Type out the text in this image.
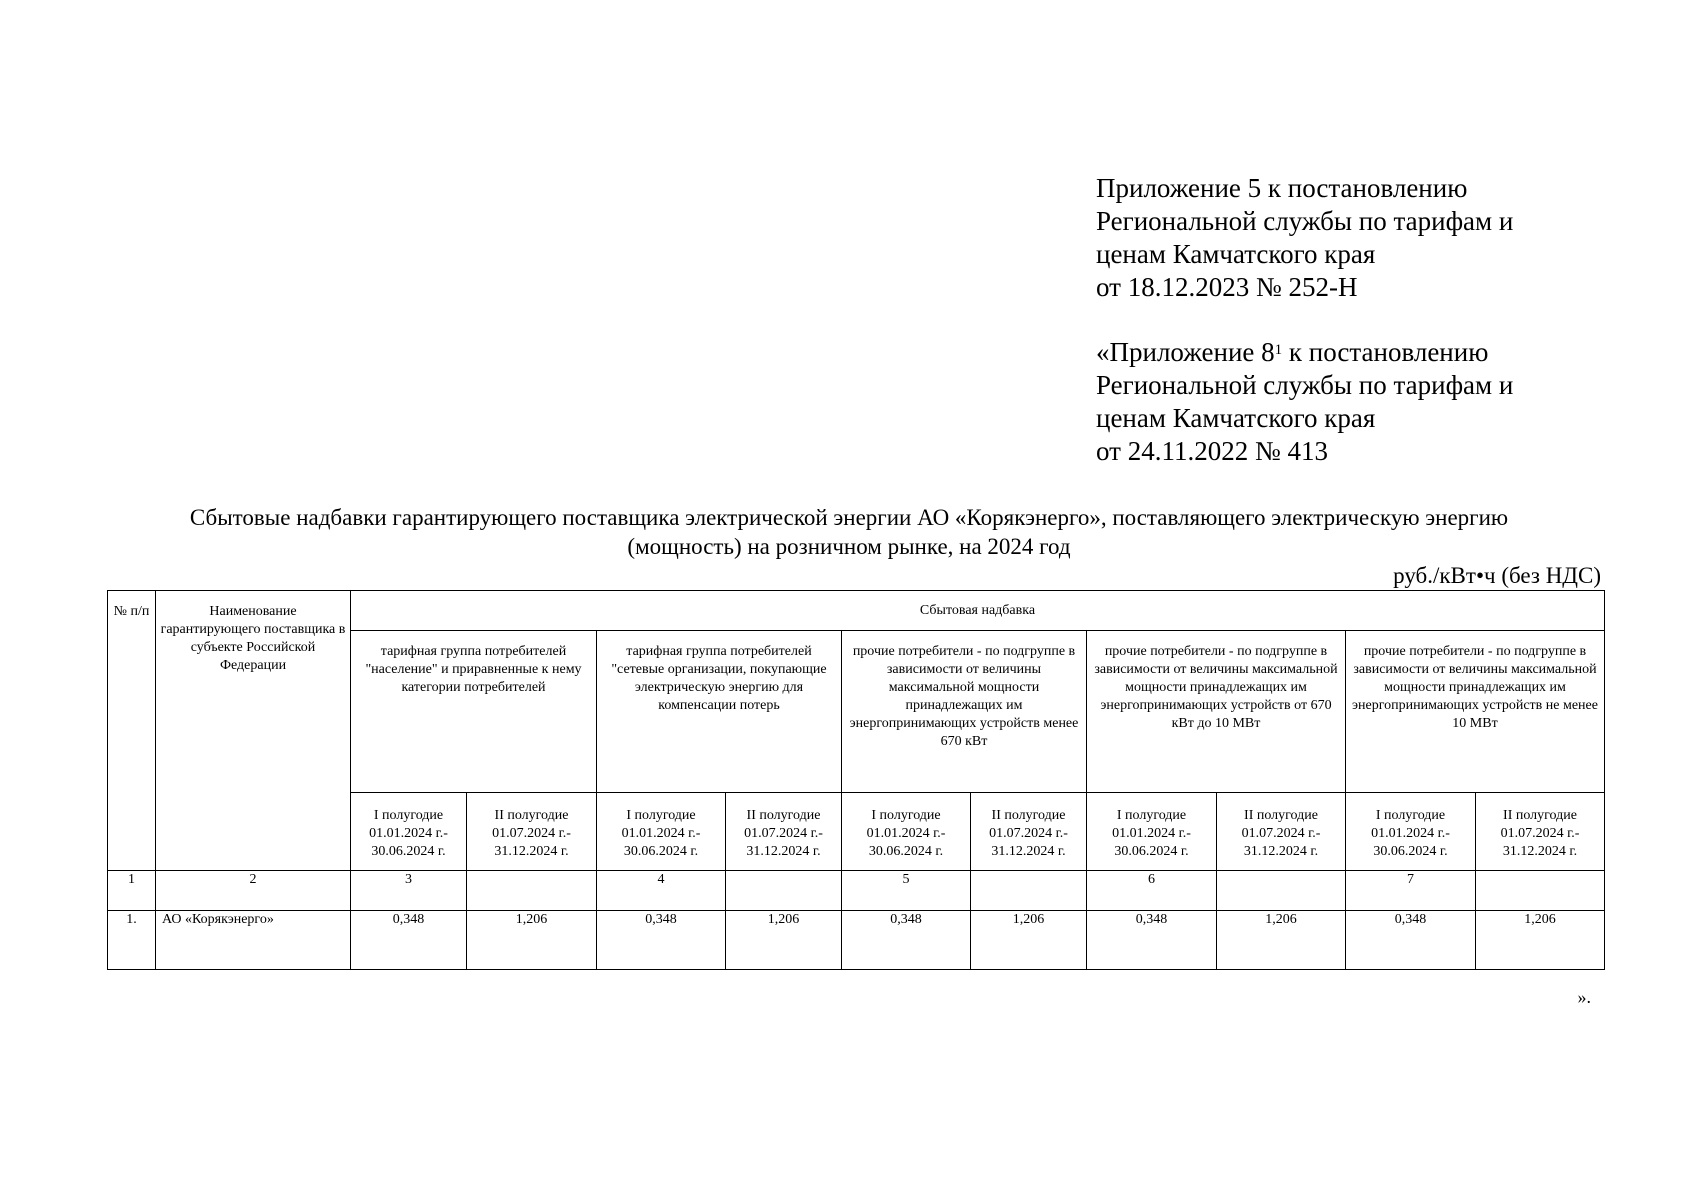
Приложение 5 к постановлению
Региональной службы по тарифам и
ценам Камчатского края
от 18.12.2023 № 252-Н
«Приложение $8^1$ к постановлению
Региональной службы по тарифам и
ценам Камчатского края
от 24.11.2022 № 413
Сбытовые надбавки гарантирующего поставщика электрической энергии АО «Корякэнерго», поставляющего электрическую энергию
(мощность) на розничном рынке, на 2024 год
руб./кВт•ч (без НДС)
№ п/п	Наименование гарантирующего поставщика в субъекте Российской Федерации	Сбытовая надбавка									
		тарифная группа потребителей "население" и приравненные к нему категории потребителей		тарифная группа потребителей "сетевые организации, покупающие электрическую энергию для компенсации потерь		прочие потребители - по подгруппе в зависимости от величины максимальной мощности принадлежащих им энергопринимающих устройств менее 670 кВт		прочие потребители - по подгруппе в зависимости от величины максимальной мощности принадлежащих им энергопринимающих устройств от 670 кВт до 10 МВт		прочие потребители - по подгруппе в зависимости от величины максимальной мощности принадлежащих им энергопринимающих устройств не менее 10 МВт	
		I полугодие 01.01.2024 г.- 30.06.2024 г.	II полугодие 01.07.2024 г.- 31.12.2024 г.	I полугодие 01.01.2024 г.- 30.06.2024 г.	II полугодие 01.07.2024 г.- 31.12.2024 г.	I полугодие 01.01.2024 г.- 30.06.2024 г.	II полугодие 01.07.2024 г.- 31.12.2024 г.	I полугодие 01.01.2024 г.- 30.06.2024 г.	II полугодие 01.07.2024 г.- 31.12.2024 г.	I полугодие 01.01.2024 г.- 30.06.2024 г.	II полугодие 01.07.2024 г.- 31.12.2024 г.
1	2	3		4		5		6		7	
1.	АО «Корякэнерго»	0,348	1,206	0,348	1,206	0,348	1,206	0,348	1,206	0,348	1,206
».
